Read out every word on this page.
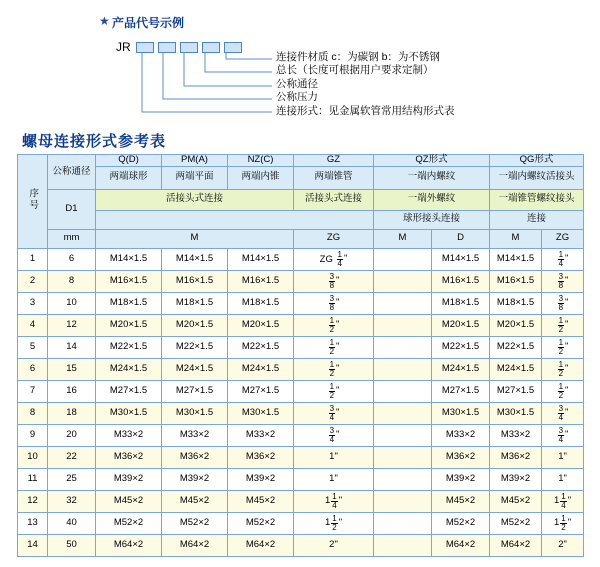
★ 产品代号示例
JR
连接件材质 c：为碳钢 b：为不锈钢
总长（长度可根据用户要求定制）
公称通径
公称压力
连接形式：见金属软管常用结构形式表
螺母连接形式参考表
序号	公称通径	Q(D)	PM(A)	NZ(C)	GZ	QZ形式		QG形式	
		两端球形	两端平面	两端内锥	两端锥管	一端内螺纹		一端内螺纹活接头	
	D1	活接头式连接			活接头式连接	一端外螺纹		一端锥管螺纹接头	
						球形接头连接		连接	
	mm	M			ZG	M	D	M	ZG
1	6	M14×1.5	M14×1.5	M14×1.5	ZG $\frac{1}{4}$ "		M14×1.5	M14×1.5	$\frac{1}{4}$ "
2	8	M16×1.5	M16×1.5	M16×1.5	$\frac{3}{8}$ "		M16×1.5	M16×1.5	$\frac{3}{8}$ "
3	10	M18×1.5	M18×1.5	M18×1.5	$\frac{3}{8}$ "		M18×1.5	M18×1.5	$\frac{3}{8}$ "
4	12	M20×1.5	M20×1.5	M20×1.5	$\frac{1}{2}$ "		M20×1.5	M20×1.5	$\frac{1}{2}$ "
5	14	M22×1.5	M22×1.5	M22×1.5	$\frac{1}{2}$ "		M22×1.5	M22×1.5	$\frac{1}{2}$ "
6	15	M24×1.5	M24×1.5	M24×1.5	$\frac{1}{2}$ "		M24×1.5	M24×1.5	$\frac{1}{2}$ "
7	16	M27×1.5	M27×1.5	M27×1.5	$\frac{1}{2}$ "		M27×1.5	M27×1.5	$\frac{1}{2}$ "
8	18	M30×1.5	M30×1.5	M30×1.5	$\frac{3}{4}$ "		M30×1.5	M30×1.5	$\frac{3}{4}$ "
9	20	M33×2	M33×2	M33×2	$\frac{3}{4}$ "		M33×2	M33×2	$\frac{3}{4}$ "
10	22	M36×2	M36×2	M36×2	1"		M36×2	M36×2	1"
11	25	M39×2	M39×2	M39×2	1"		M39×2	M39×2	1"
12	32	M45×2	M45×2	M45×2	$1 \frac{1}{4}$ "		M45×2	M45×2	$1 \frac{1}{4}$ "
13	40	M52×2	M52×2	M52×2	$1 \frac{1}{2}$ "		M52×2	M52×2	$1 \frac{1}{2}$ "
14	50	M64×2	M64×2	M64×2	2"		M64×2	M64×2	2"
